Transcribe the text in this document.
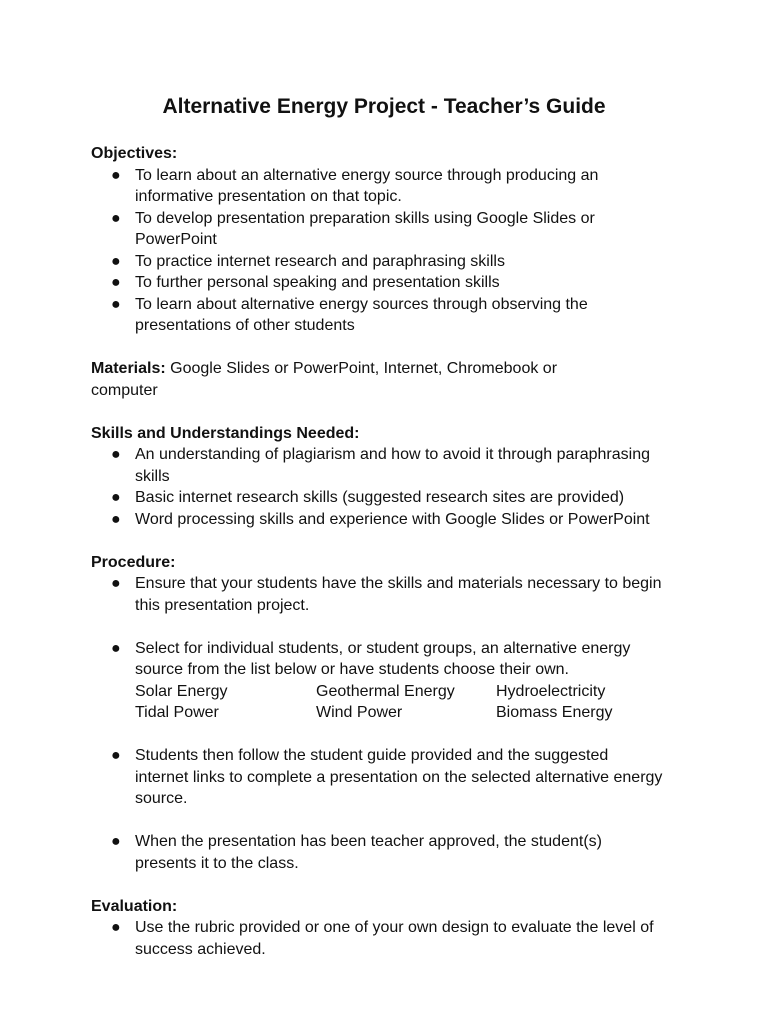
Alternative Energy Project - Teacher’s Guide

Objectives:

● To learn about an alternative energy source through producing an informative presentation on that topic.
● To develop presentation preparation skills using Google Slides or PowerPoint
● To practice internet research and paraphrasing skills
● To further personal speaking and presentation skills
● To learn about alternative energy sources through observing the presentations of other students

Materials: Google Slides or PowerPoint, Internet, Chromebook or computer

Skills and Understandings Needed:

● An understanding of plagiarism and how to avoid it through paraphrasing skills
● Basic internet research skills (suggested research sites are provided)
● Word processing skills and experience with Google Slides or PowerPoint

Procedure:

● Ensure that your students have the skills and materials necessary to begin this presentation project.
● Select for individual students, or student groups, an alternative energy source from the list below or have students choose their own.
Solar Energy	Geothermal Energy	Hydroelectricity
Tidal Power	Wind Power	Biomass Energy
● Students then follow the student guide provided and the suggested internet links to complete a presentation on the selected alternative energy source.
● When the presentation has been teacher approved, the student(s) presents it to the class.

Evaluation:

● Use the rubric provided or one of your own design to evaluate the level of success achieved.
